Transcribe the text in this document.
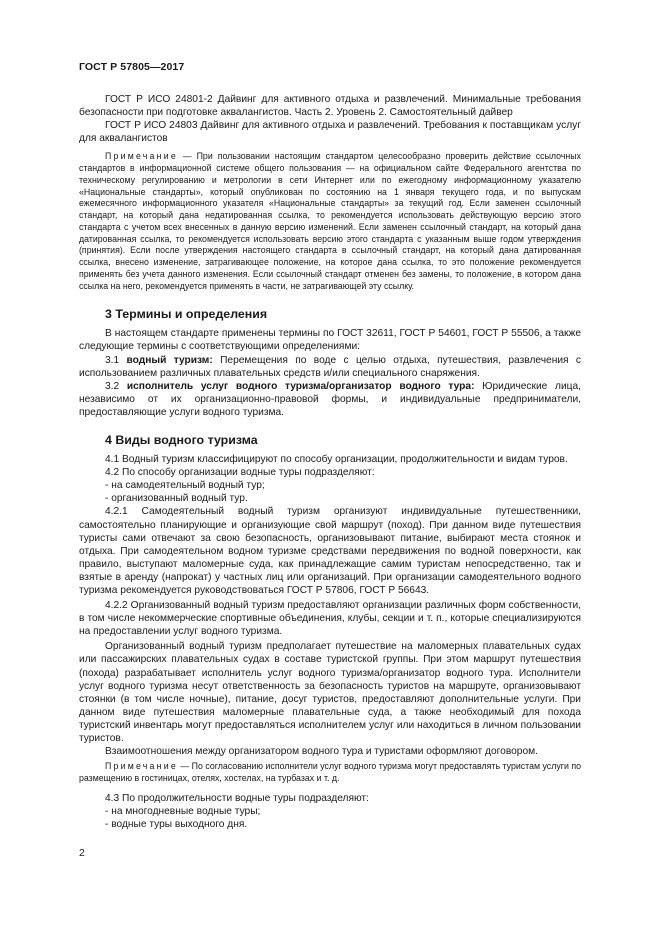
ГОСТ Р 57805—2017

ГОСТ Р ИСО 24801-2 Дайвинг для активного отдыха и развлечений. Минимальные требования безопасности при подготовке аквалангистов. Часть 2. Уровень 2. Самостоятельный дайвер

ГОСТ Р ИСО 24803 Дайвинг для активного отдыха и развлечений. Требования к поставщикам услуг для аквалангистов

Примечание — При пользовании настоящим стандартом целесообразно проверить действие ссылочных стандартов в информационной системе общего пользования — на официальном сайте Федерального агентства по техническому регулированию и метрологии в сети Интернет или по ежегодному информационному указателю «Национальные стандарты», который опубликован по состоянию на 1 января текущего года, и по выпускам ежемесячного информационного указателя «Национальные стандарты» за текущий год. Если заменен ссылочный стандарт, на который дана недатированная ссылка, то рекомендуется использовать действующую версию этого стандарта с учетом всех внесенных в данную версию изменений. Если заменен ссылочный стандарт, на который дана датированная ссылка, то рекомендуется использовать версию этого стандарта с указанным выше годом утверждения (принятия). Если после утверждения настоящего стандарта в ссылочный стандарт, на который дана датированная ссылка, внесено изменение, затрагивающее положение, на которое дана ссылка, то это положение рекомендуется применять без учета данного изменения. Если ссылочный стандарт отменен без замены, то положение, в котором дана ссылка на него, рекомендуется применять в части, не затрагивающей эту ссылку.

3 Термины и определения

В настоящем стандарте применены термины по ГОСТ 32611, ГОСТ Р 54601, ГОСТ Р 55506, а также следующие термины с соответствующими определениями:

3.1 водный туризм: Перемещения по воде с целью отдыха, путешествия, развлечения с использованием различных плавательных средств и/или специального снаряжения.

3.2 исполнитель услуг водного туризма/организатор водного тура: Юридические лица, независимо от их организационно-правовой формы, и индивидуальные предприниматели, предоставляющие услуги водного туризма.

4 Виды водного туризма

4.1 Водный туризм классифицируют по способу организации, продолжительности и видам туров.

4.2 По способу организации водные туры подразделяют:

- на самодеятельный водный тур;

- организованный водный тур.

4.2.1 Самодеятельный водный туризм организуют индивидуальные путешественники, самостоятельно планирующие и организующие свой маршрут (поход). При данном виде путешествия туристы сами отвечают за свою безопасность, организовывают питание, выбирают места стоянок и отдыха. При самодеятельном водном туризме средствами передвижения по водной поверхности, как правило, выступают маломерные суда, как принадлежащие самим туристам непосредственно, так и взятые в аренду (напрокат) у частных лиц или организаций. При организации самодеятельного водного туризма рекомендуется руководствоваться ГОСТ Р 57806, ГОСТ Р 56643.

4.2.2 Организованный водный туризм предоставляют организации различных форм собственности, в том числе некоммерческие спортивные объединения, клубы, секции и т. п., которые специализируются на предоставлении услуг водного туризма.

Организованный водный туризм предполагает путешествие на маломерных плавательных судах или пассажирских плавательных судах в составе туристской группы. При этом маршрут путешествия (похода) разрабатывает исполнитель услуг водного туризма/организатор водного тура. Исполнители услуг водного туризма несут ответственность за безопасность туристов на маршруте, организовывают стоянки (в том числе ночные), питание, досуг туристов, предоставляют дополнительные услуги. При данном виде путешествия маломерные плавательные суда, а также необходимый для похода туристский инвентарь могут предоставляться исполнителем услуг или находиться в личном пользовании туристов.

Взаимоотношения между организатором водного тура и туристами оформляют договором.

Примечание — По согласованию исполнители услуг водного туризма могут предоставлять туристам услуги по размещению в гостиницах, отелях, хостелах, на турбазах и т. д.

4.3 По продолжительности водные туры подразделяют:

- на многодневные водные туры;

- водные туры выходного дня.

2
